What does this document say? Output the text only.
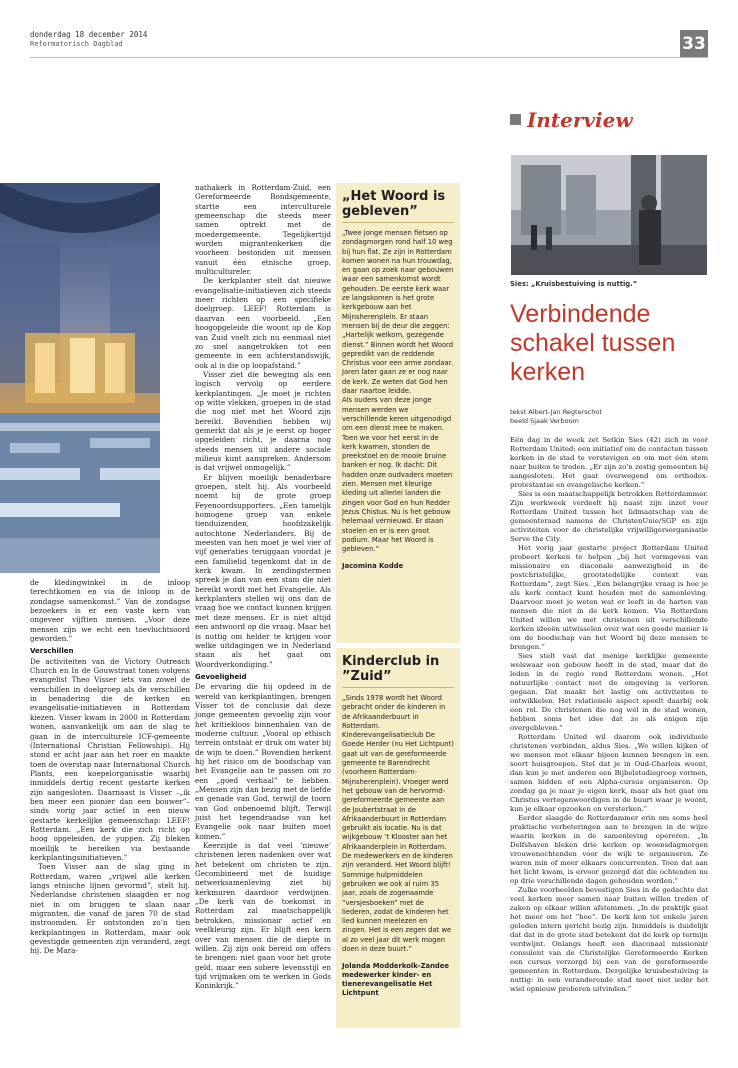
donderdag 18 december 2014
Reformatorisch Dagblad	33
Interview
Sies: „Kruisbestuiving is nuttig.”
Verbindende schakel tussen kerken
tekst Albert-Jan Regterschot
beeld Sjaak Verboom

de kledingwinkel in de inloop terechtkomen en via de inloop in de zondagse samenkomst.” Van de zondagse bezoekers is er een vaste kern van ongeveer vijftien mensen. „Voor deze mensen zijn we echt een toevluchtsoord geworden.”

Verschillen

De activiteiten van de Victory Outreach Church en In de Gouwstraat tonen volgens evangelist Theo Visser iets van zowel de verschillen in doelgroep als de verschillen in benadering die de kerken en evangelisatie-initiatieven in Rotterdam kiezen. Visser kwam in 2000 in Rotterdam wonen, aanvankelijk om aan de slag te gaan in de interculturele ICF-gemeente (International Christian Fellowship). Hij stond er acht jaar aan het roer en maakte toen de overstap naar International Church Plants, een koepelorganisatie waarbij inmiddels dertig recent gestarte kerken zijn aangesloten. Daarnaast is Visser –„ik ben meer een pionier dan een bouwer”– sinds vorig jaar actief in een nieuw gestarte kerkelijke gemeenschap: LEEF! Rotterdam. „Een kerk die zich richt op hoog opgeleiden, de yuppen. Zij bleken moeilijk te bereiken via bestaande kerkplantingsinitiatieven.”

Toen Visser aan de slag ging in Rotterdam, waren „vrijwel alle kerken langs etnische lijnen gevormd”, stelt hij. Nederlandse christenen slaagden er nog niet in om bruggen te slaan naar migranten, die vanaf de jaren 70 de stad instroomden. Er ontstonden zo’n tien kerkplantingen in Rotterdam, maar ook gevestigde gemeenten zijn veranderd, zegt hij. De Mara-

nathakerk in Rotterdam-Zuid, een Gereformeerde Bondsgemeente, startte een interculturele gemeenschap die steeds meer samen optrekt met de moedergemeente. Tegelijkertijd worden migrantenkerken die voorheen bestonden uit mensen vanuit één etnische groep, multicultureler.

De kerkplanter stelt dat nieuwe evangelisatie-initiatieven zich steeds meer richten op een specifieke doelgroep. LEEF! Rotterdam is daarvan een voorbeeld. „Een hoogopgeleide die woont op de Kop van Zuid voelt zich nu eenmaal niet zo snel aangetrokken tot een gemeente in een achterstandswijk, ook al is die op loopafstand.”

Visser ziet die beweging als een logisch vervolg op eerdere kerkplantingen. „Je moet je richten op witte vlekken, groepen in de stad die nog niet met het Woord zijn bereikt. Bovendien hebben wij gemerkt dat als je je eerst op hoger opgeleiden richt, je daarna nog steeds mensen uit andere sociale milieus kunt aanspreken. Andersom is dat vrijwel onmogelijk.”

Er blijven moeilijk benaderbare groepen, stelt hij. Als voorbeeld noemt hij de grote groep Feyenoordsupporters. „Een tamelijk homogene groep van enkele tienduizenden, hoofdzakelijk autochtone Nederlanders. Bij de meesten van hen moet je wel vier of vijf generaties teruggaan voordat je een familielid tegenkomt dat in de kerk kwam. In zendingstermen spreek je dan van een stam die niet bereikt wordt met het Evangelie. Als kerkplanters stellen wij ons dan de vraag hoe we contact kunnen krijgen met deze mensen. Er is niet altijd een antwoord op die vraag. Maar het is nuttig om helder te krijgen voor welke uitdagingen we in Nederland staan als het gaat om Woordverkondiging.”

Gevoeligheid

De ervaring die hij opdeed in de wereld van kerkplantingen, brengen Visser tot de conclusie dat deze jonge gemeenten gevoelig zijn voor het kritiekloos binnenhalen van de moderne cultuur. „Vooral op ethisch terrein ontstaat er druk om water bij de wijn te doen.” Bovendien herkent hij het risico om de boodschap van het Evangelie aan te passen om zo een „goed verhaal” te hebben. „Mensen zijn dan bezig met de liefde en genade van God, terwijl de toorn van God onbenoemd blijft. Terwijl juist het tegendraadse van het Evangelie ook naar buiten moet komen.”

Keerzijde is dat veel ’nieuwe’ christenen leren nadenken over wat het betekent om christen te zijn. Gecombineerd met de huidige netwerksamenleving ziet hij kerkmuren daardoor verdwijnen. „De kerk van de toekomst in Rotterdam zal maatschappelijk betrokken, missionair actief en veelkleurig zijn. Er blijft een kern over van mensen die de diepte in willen. Zij zijn ook bereid om offers te brengen: niet gaan voor het grote geld, maar een sobere levensstijl en tijd vrijmaken om te werken in Gods Koninkrijk.”

„Het Woord is gebleven”
„Twee jonge mensen fietsen op zondagmorgen rond half 10 weg bij hun flat. Ze zijn in Rotterdam komen wonen na hun trouwdag, en gaan op zoek naar gebouwen waar een samenkomst wordt gehouden. De eerste kerk waar ze langskomen is het grote kerkgebouw aan het Mijnsherenplein. Er staan mensen bij de deur die zeggen: „Hartelijk welkom, gezegende dienst.” Binnen wordt het Woord gepredikt van de reddende Christus voor een arme zondaar. Jaren later gaan ze er nog naar de kerk. Ze weten dat God hen daar naartoe leidde.
Als ouders van deze jonge mensen werden we verschillende keren uitgenodigd om een dienst mee te maken. Toen we voor het eerst in de kerk kwamen, stonden de preekstoel en de mooie bruine banken er nog. Ik dacht: Dit hadden onze oudvaders moeten zien. Mensen met kleurige kleding uit allerlei landen die zingen voor God en hun Redder Jezus Chistus. Nu is het gebouw helemaal vernieuwd. Er staan stoelen en er is een groot podium. Maar het Woord is gebleven.”
Jacomina Kodde
Kinderclub in ”Zuid”
„Sinds 1978 wordt het Woord gebracht onder de kinderen in de Afrikaanderbuurt in Rotterdam. Kinderevangelisatieclub De Goede Herder (nu Het Lichtpunt) gaat uit van de gereformeerde gemeente te Barendrecht (voorheen Rotterdam-Mijnsherenplein). Vroeger werd het gebouw van de hervormd-gereformeerde gemeente aan de Joubertstraat in de Afrikaanderbuurt in Rotterdam gebruikt als locatie. Nu is dat wijkgebouw ’t Klooster aan het Afrikaanderplein in Rotterdam.
De medewerkers en de kinderen zijn veranderd. Het Woord blijft! Sommige hulpmiddelen gebruiken we ook al ruim 35 jaar, zoals de zogenaamde ”versjesboeken” met de liederen, zodat de kinderen het lied kunnen meelezen en zingen. Het is een zegen dat we al zo veel jaar dit werk mogen doen in deze buurt.”
Jolanda Modderkolk-Zandee
medewerker kinder- en tienerevangelisatie Het Lichtpunt

Eén dag in de week zet Setkin Sies (42) zich in voor Rotterdam United: een initiatief om de contacten tussen kerken in de stad te verstevigen en om met één stem naar buiten te treden. „Er zijn zo’n zestig gemeenten bij aangesloten. Het gaat overwegend om orthodox-protestantse en evangelische kerken.”

Sies is een maatschappelijk betrokken Rotterdammer. Zijn werkweek verdeelt hij naast zijn inzet voor Rotterdam United tussen het lidmaatschap van de gemeenteraad namens de ChristenUnie/SGP en zijn activiteiten voor de christelijke vrijwilligersorganisatie Serve the City.

Het vorig jaar gestarte project Rotterdam United probeert kerken te helpen „bij het vormgeven van missionaire en diaconale aanwezigheid in de postchristelijke, grootstedelijke context van Rotterdam”, zegt Sies. „Een belangrijke vraag is hoe je als kerk contact kunt houden met de samenleving. Daarvoor moet je weten wat er leeft in de harten van mensen die niet in de kerk komen. Via Rotterdam United willen we met christenen uit verschillende kerken ideeën uitwisselen over wat een goede manier is om de boodschap van het Woord bij deze mensen te brengen.”

Sies stelt vast dat menige kerklijke gemeente welswaar een gebouw heeft in de stad, maar dat de leden in de regio rond Rotterdam wonen. „Het natuurlijke contact met de omgeving is verloren gegaan. Dat maakt het lastig om activiteiten te ontwikkelen. Het relationele aspect speelt daarbij ook een rol. De christenen die nog wél in de stad wonen, hebben soms het idee dat ze als enigen zijn overgebleven.”

Rotterdam United wil daarom ook individuele christenen verbinden, aldus Sies. „We willen kijken of we mensen met elkaar bijeen kunnen brengen in een soort huisgroepen. Stel dat je in Oud-Charlois woont, dan kun je met anderen een Bijbelstudiegroep vormen, samen bidden of een Alpha-cursus organiseren. Op zondag ga je naar je eigen kerk, maar als het gaat om Christus vertegenwoordigen in de buurt waar je woont, kun je elkaar opzoeken en versterken.”

Eerder slaagde de Rotterdammer erin om soms heel praktische verbeteringen aan te brengen in de wijze waarin kerken in de samenleving opereren. „In Delfshaven bleken drie kerken op woensdagmorgen vrouwenochtenden voor de wijk te organiseren. Ze waren min of meer elkaars concurrenten. Toen dat aan het licht kwam, is ervoor gezorgd dat die ochtenden nu op drie verschillende dagen gehouden worden.”

Zulke voorbeelden bevestigen Sies in de gedachte dat veel kerken meer samen naar buiten willen treden of zaken op elkaar willen afstemmen. „In de praktijk gaat het meer om het ”hoe”. De kerk kon tot enkele jaren geleden intern gericht bezig zijn. Inmiddels is duidelijk dat dat in de grote stad betekent dat de kerk op termijn verdwijnt. Onlangs heeft een diaconaal missionair consulent van de Christelijke Gereformeerde Kerken een cursus verzorgd bij een van de gereformeerde gemeenten in Rotterdam. Dergelijke kruisbestuiving is nuttig: in een veranderende stad moet niet ieder het wiel opnieuw proberen uitvinden.”
